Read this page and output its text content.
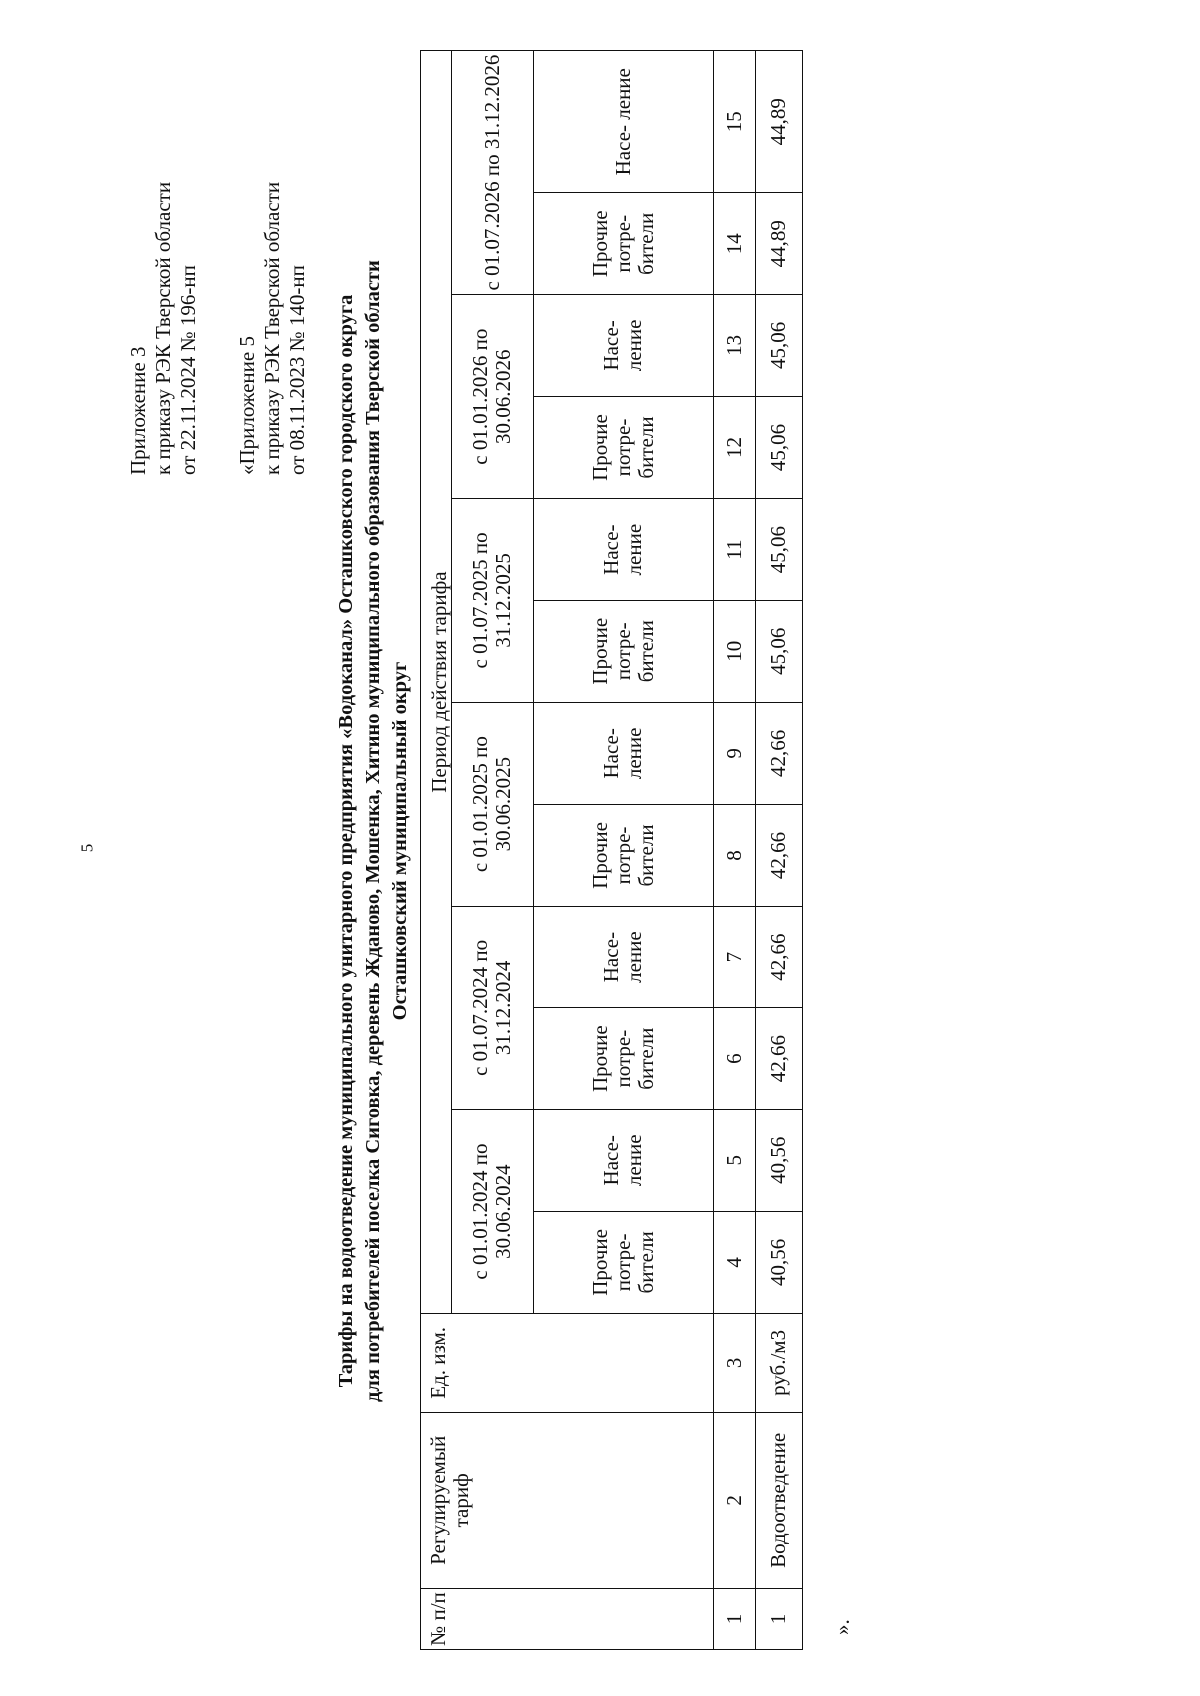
5
Приложение 3 к приказу РЭК Тверской области от 22.11.2024 № 196-нп «Приложение 5 к приказу РЭК Тверской области от 08.11.2023 № 140-нп Тарифы на водоотведение муниципального унитарного предприятия «Водоканал» Осташковского городского округа для потребителей поселка Сиговка, деревень Жданово, Мошенка, Хитино муниципального образования Тверской области Осташковский муниципальный округ
№ п/п	Регулируемый тариф	Ед. изм.	Период действия тарифа											
			с 01.01.2024 по 30.06.2024		с 01.07.2024 по 31.12.2024		с 01.01.2025 по 30.06.2025		с 01.07.2025 по 31.12.2025		с 01.01.2026 по 30.06.2026		с 01.07.2026 по 31.12.2026	
			Прочие потре- бители	Насе- ление	Прочие потре- бители	Насе- ление	Прочие потре- бители	Насе- ление	Прочие потре- бители	Насе- ление	Прочие потре- бители	Насе- ление	Прочие потре- бители	Насе- ление
1	2	3	4	5	6	7	8	9	10	11	12	13	14	15
1	Водоотведение	руб./м3	40,56	40,56	42,66	42,66	42,66	42,66	45,06	45,06	45,06	45,06	44,89	44,89
».
